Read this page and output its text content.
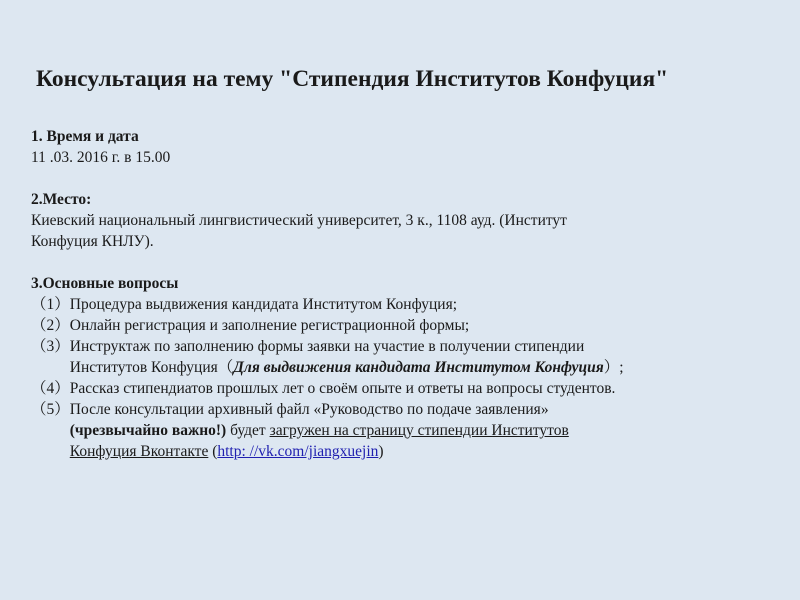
Консультация на тему "Стипендия Институтов Конфуция"
1. Время и дата
11 .03. 2016 г. в 15.00
2.Место:
Киевский национальный лингвистический университет, 3 к., 1108 ауд. (Институт
Конфуция КНЛУ).
3.Основные вопросы
（1） Процедура выдвижения кандидата Институтом Конфуция;
（2） Онлайн регистрация и заполнение регистрационной формы;
（3） Инструктаж по заполнению формы заявки на участие в получении стипендии
Институтов Конфуция（Для выдвижения кандидата Институтом Конфуция）;
（4） Рассказ стипендиатов прошлых лет о своём опыте и ответы на вопросы студентов.
（5） После консультации архивный файл «Руководство по подаче заявления»
(чрезвычайно важно!) будет загружен на страницу стипендии Институтов
Конфуция Вконтакте (http: //vk.com/jiangxuejin)
